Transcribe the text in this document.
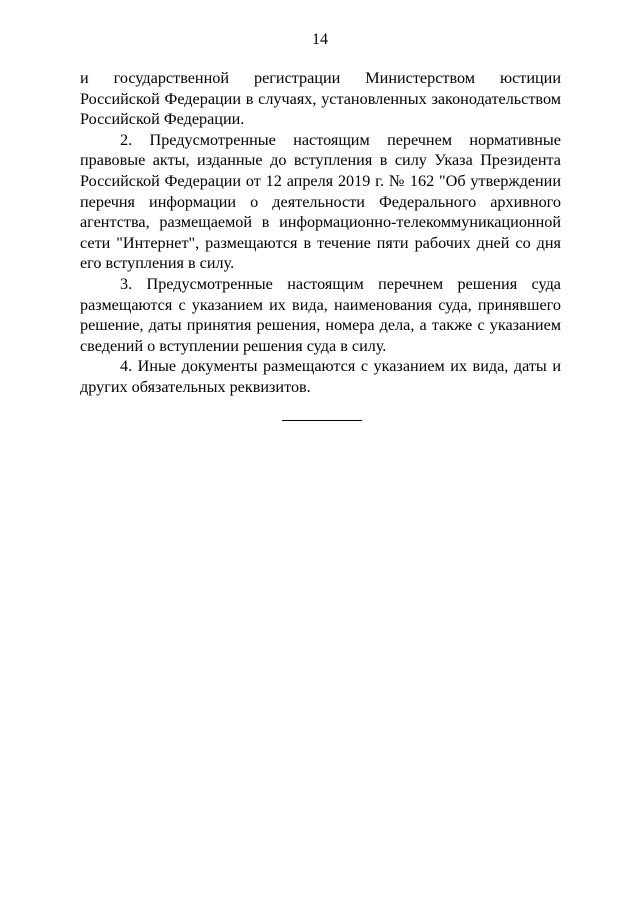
14

и государственной регистрации Министерством юстиции Российской Федерации в случаях, установленных законодательством Российской Федерации.

2. Предусмотренные настоящим перечнем нормативные правовые акты, изданные до вступления в силу Указа Президента Российской Федерации от 12 апреля 2019 г. № 162 "Об утверждении перечня информации о деятельности Федерального архивного агентства, размещаемой в информационно-телекоммуникационной сети "Интернет", размещаются в течение пяти рабочих дней со дня его вступления в силу.

3. Предусмотренные настоящим перечнем решения суда размещаются с указанием их вида, наименования суда, принявшего решение, даты принятия решения, номера дела, а также с указанием сведений о вступлении решения суда в силу.

4. Иные документы размещаются с указанием их вида, даты и других обязательных реквизитов.
